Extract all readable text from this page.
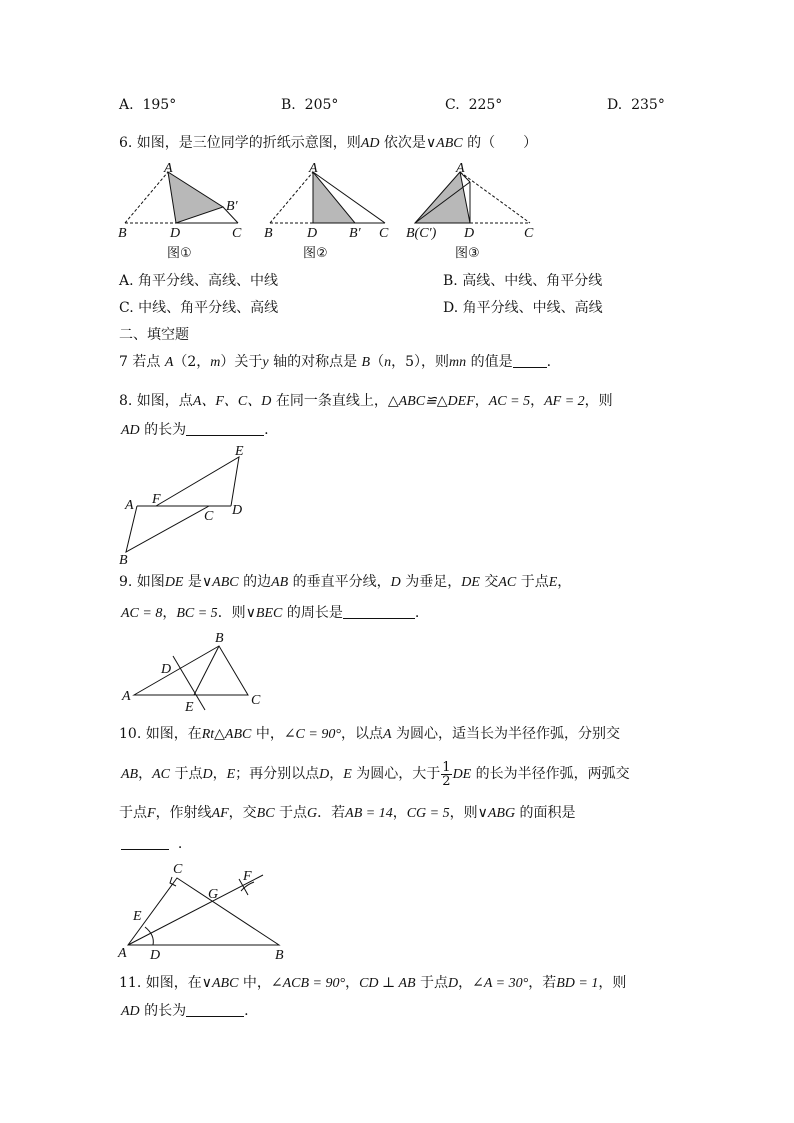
A. 195°	B. 205°	C. 225°	D. 235°
6. 如图，是三位同学的折纸示意图，则AD 依次是∨ABC 的（　　）
A
B′
B	D	C
A
B D B′ C
A
B(C′) D	C
图①	图②	图③
A. 角平分线、高线、中线	B. 高线、中线、角平分线
C. 中线、角平分线、高线	D. 角平分线、中线、高线
二、填空题
7 若点 A（2，m）关于y 轴的对称点是 B（n，5），则mn 的值是 .
8. 如图，点A、F、C、D 在同一条直线上，△ABC≌△DEF，AC = 5，AF = 2，则
AD 的长为	.
A F
C D
E
B
9. 如图DE 是∨ABC 的边AB 的垂直平分线，D 为垂足，DE 交AC 于点E，
AC = 8，BC = 5．则∨BEC 的周长是	.
A
B
C
D
E
10. 如图，在Rt△ABC 中，∠C = 90°，以点A 为圆心，适当长为半径作弧，分别交
AB，AC 于点D，E；再分别以点D，E 为圆心，大于 $\frac{1}{2}$ DE 的长为半径作弧，两弧交
于点F，作射线AF，交BC 于点G．若AB = 14，CG = 5，则∨ABG 的面积是
.
A	B
C
D
E
G
F
11. 如图，在∨ABC 中，∠ACB = 90°，CD ⊥ AB 于点D，∠A = 30°，若BD = 1，则
AD 的长为	.
